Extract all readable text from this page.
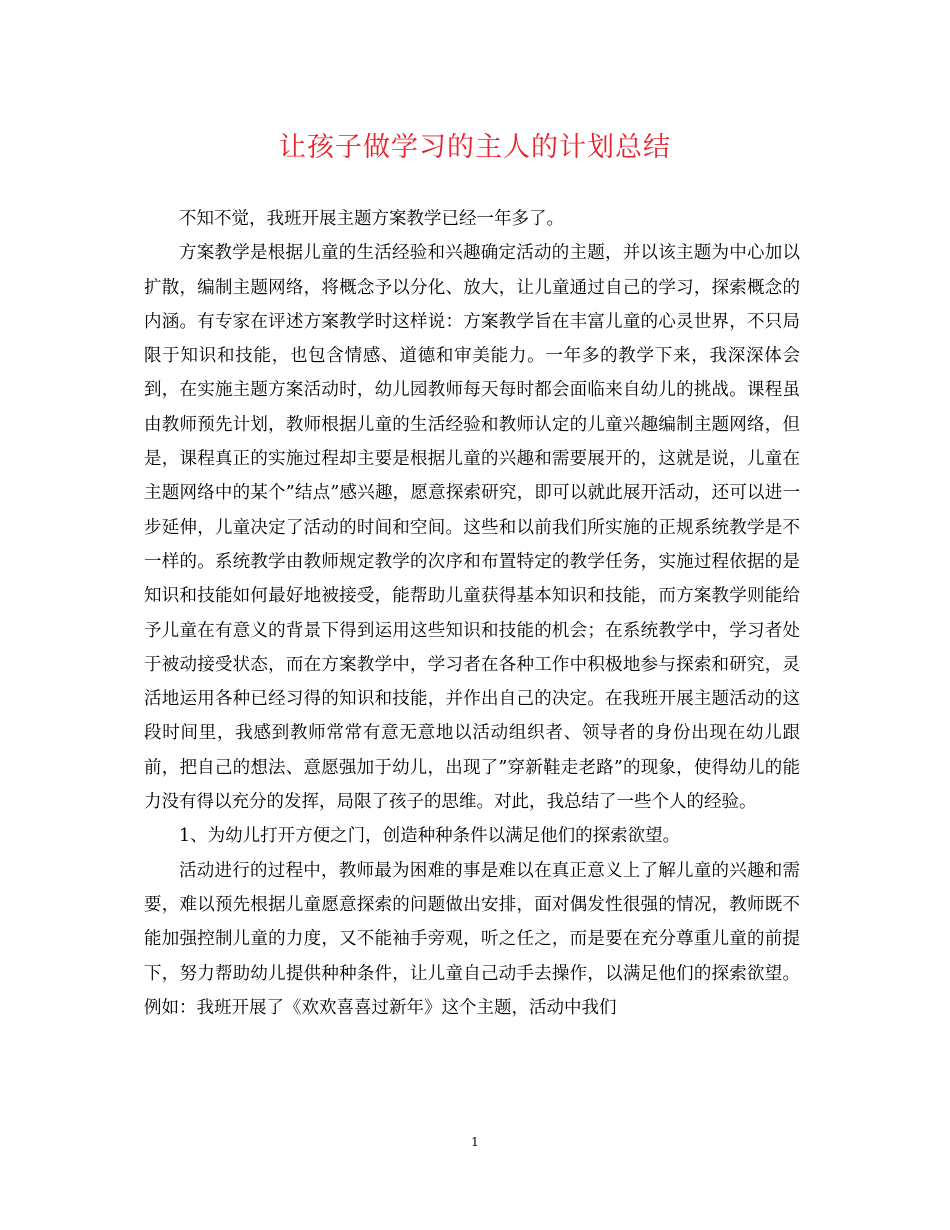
让孩子做学习的主人的计划总结

不知不觉，我班开展主题方案教学已经一年多了。

方案教学是根据儿童的生活经验和兴趣确定活动的主题，并以该主题为中心加以扩散，编制主题网络，将概念予以分化、放大，让儿童通过自己的学习，探索概念的内涵。有专家在评述方案教学时这样说：方案教学旨在丰富儿童的心灵世界，不只局限于知识和技能，也包含情感、道德和审美能力。一年多的教学下来，我深深体会到，在实施主题方案活动时，幼儿园教师每天每时都会面临来自幼儿的挑战。课程虽由教师预先计划，教师根据儿童的生活经验和教师认定的儿童兴趣编制主题网络，但是，课程真正的实施过程却主要是根据儿童的兴趣和需要展开的，这就是说，儿童在主题网络中的某个”结点”感兴趣，愿意探索研究，即可以就此展开活动，还可以进一步延伸，儿童决定了活动的时间和空间。这些和以前我们所实施的正规系统教学是不一样的。系统教学由教师规定教学的次序和布置特定的教学任务，实施过程依据的是知识和技能如何最好地被接受，能帮助儿童获得基本知识和技能，而方案教学则能给予儿童在有意义的背景下得到运用这些知识和技能的机会；在系统教学中，学习者处于被动接受状态，而在方案教学中，学习者在各种工作中积极地参与探索和研究，灵活地运用各种已经习得的知识和技能，并作出自己的决定。在我班开展主题活动的这段时间里，我感到教师常常有意无意地以活动组织者、领导者的身份出现在幼儿跟前，把自己的想法、意愿强加于幼儿，出现了”穿新鞋走老路”的现象，使得幼儿的能力没有得以充分的发挥，局限了孩子的思维。对此，我总结了一些个人的经验。

1、为幼儿打开方便之门，创造种种条件以满足他们的探索欲望。

活动进行的过程中，教师最为困难的事是难以在真正意义上了解儿童的兴趣和需要，难以预先根据儿童愿意探索的问题做出安排，面对偶发性很强的情况，教师既不能加强控制儿童的力度，又不能袖手旁观，听之任之，而是要在充分尊重儿童的前提下，努力帮助幼儿提供种种条件，让儿童自己动手去操作，以满足他们的探索欲望。例如：我班开展了《欢欢喜喜过新年》这个主题，活动中我们

1
